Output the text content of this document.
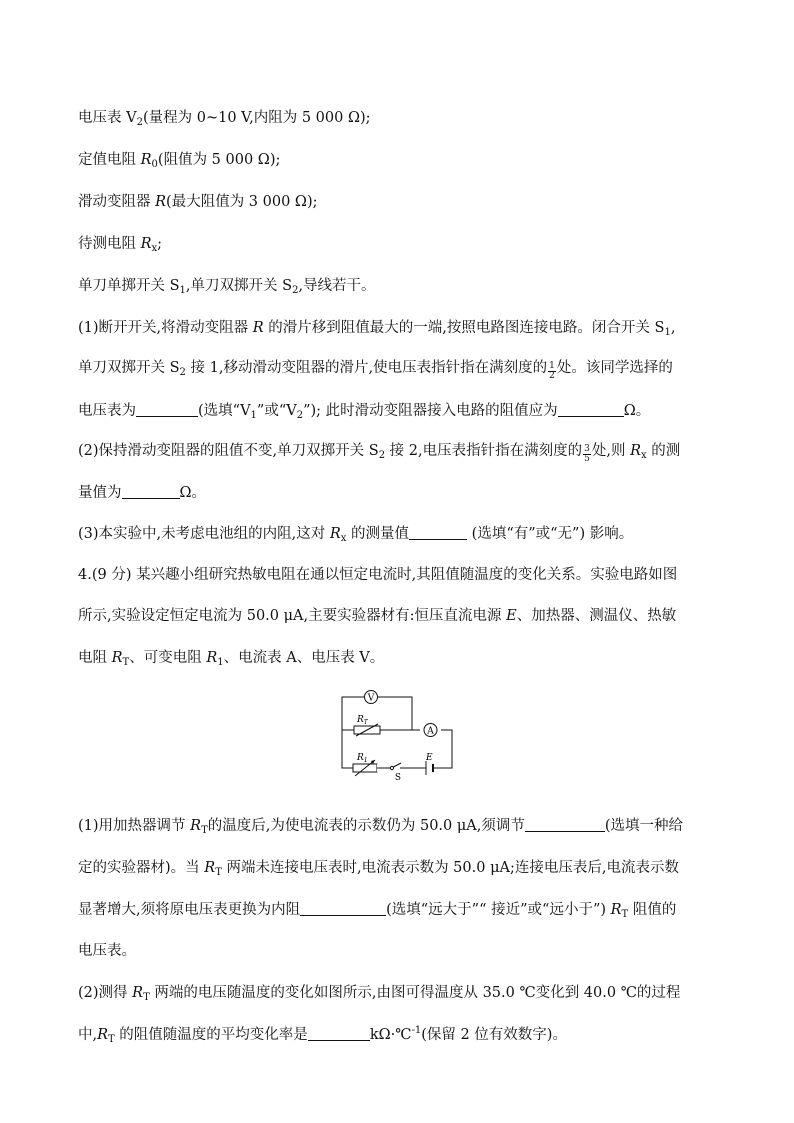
电压表 $V_2$(量程为 0~10 V,内阻为 5 000 Ω);
定值电阻 $R_0$(阻值为 5 000 Ω);
滑动变阻器 R(最大阻值为 3 000 Ω);
待测电阻 $R_x$;
单刀单掷开关 $S_1$,单刀双掷开关 $S_2$,导线若干。
(1)断开开关,将滑动变阻器 R 的滑片移到阻值最大的一端,按照电路图连接电路。闭合开关 $S_1$,
单刀双掷开关 $S_2$ 接 1,移动滑动变阻器的滑片,使电压表指针指在满刻度的 $\frac{1}{2}$ 处。该同学选择的
电压表为	(选填“$V_1$”或“$V_2$”); 此时滑动变阻器接入电路的阻值应为	Ω。
(2)保持滑动变阻器的阻值不变,单刀双掷开关 $S_2$ 接 2,电压表指针指在满刻度的 $\frac{3}{5}$ 处,则 $R_x$ 的测
量值为	Ω。
(3)本实验中,未考虑电池组的内阻,这对 $R_x$ 的测量值	(选填“有”或“无”) 影响。
4.(9 分) 某兴趣小组研究热敏电阻在通以恒定电流时,其阻值随温度的变化关系。实验电路如图
所示,实验设定恒定电流为 50.0 μA,主要实验器材有:恒压直流电源 E、加热器、测温仪、热敏
电阻 $R_T$、可变电阻 $R_1$、电流表 A、电压表 V。
V
A
$R_T$
$R_1$
S
E
(1)用加热器调节 $R_T$的温度后,为使电流表的示数仍为 50.0 μA,须调节	(选填一种给
定的实验器材)。当 $R_T$ 两端未连接电压表时,电流表示数为 50.0 μA;连接电压表后,电流表示数
显著增大,须将原电压表更换为内阻	(选填“远大于”“ 接近”或“远小于”) $R_T$ 阻值的
电压表。
(2)测得 $R_T$ 两端的电压随温度的变化如图所示,由图可得温度从 35.0 ℃变化到 40.0 ℃的过程
中$,R_T$ 的阻值随温度的平均变化率是	kΩ·℃$^{-1}$(保留 2 位有效数字)。
